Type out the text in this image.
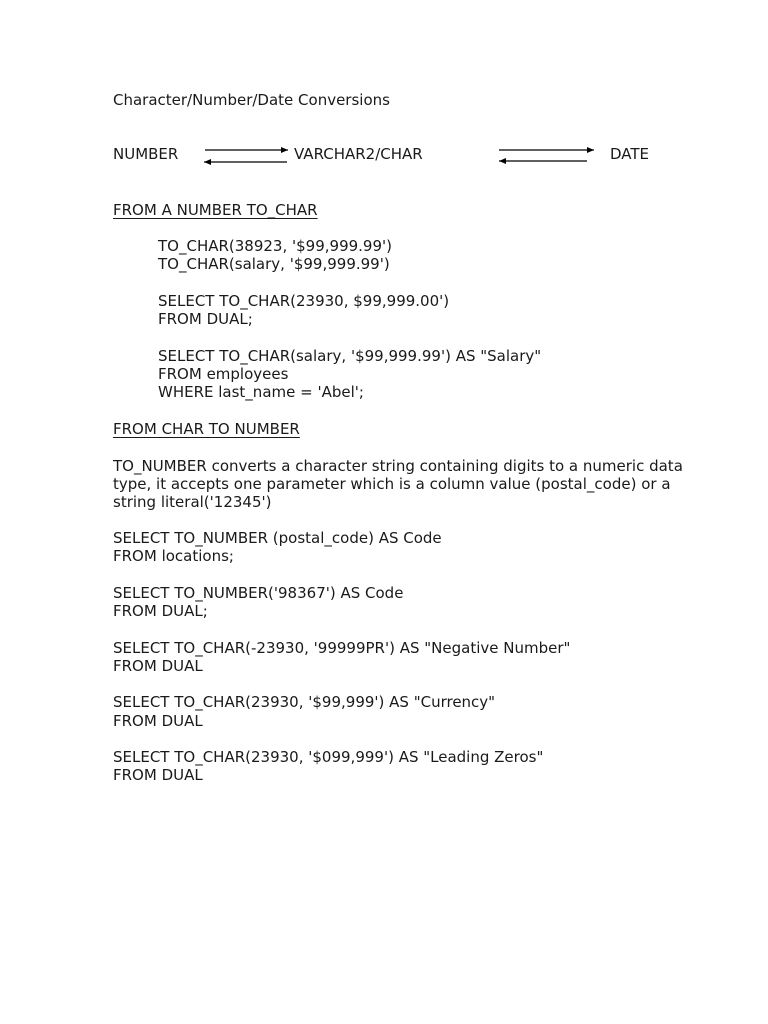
Character/Number/Date Conversions
NUMBER	VARCHAR2/CHAR	DATE
FROM A NUMBER TO_CHAR
TO_CHAR(38923, '$99,999.99')
TO_CHAR(salary, '$99,999.99')
SELECT TO_CHAR(23930, $99,999.00')
FROM DUAL;
SELECT TO_CHAR(salary, '$99,999.99') AS "Salary"
FROM employees
WHERE last_name = 'Abel';
FROM CHAR TO NUMBER
TO_NUMBER converts a character string containing digits to a numeric data
type, it accepts one parameter which is a column value (postal_code) or a
string literal('12345')
SELECT TO_NUMBER (postal_code) AS Code
FROM locations;
SELECT TO_NUMBER('98367') AS Code
FROM DUAL;
SELECT TO_CHAR(-23930, '99999PR') AS "Negative Number"
FROM DUAL
SELECT TO_CHAR(23930, '$99,999') AS "Currency"
FROM DUAL
SELECT TO_CHAR(23930, '$099,999') AS "Leading Zeros"
FROM DUAL
